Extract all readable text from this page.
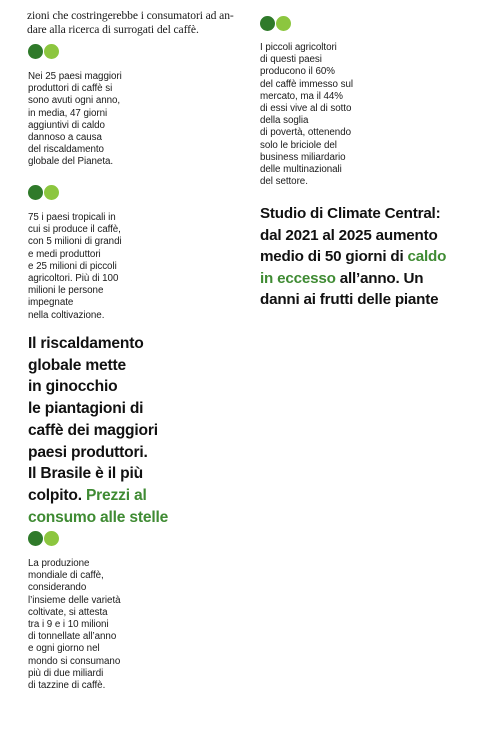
zioni che costringerebbe i consumatori ad an-
dare alla ricerca di surrogati del caffè.
Nei 25 paesi maggiori
produttori di caffè si
sono avuti ogni anno,
in media, 47 giorni
aggiuntivi di caldo
dannoso a causa
del riscaldamento
globale del Pianeta.
75 i paesi tropicali in
cui si produce il caffè,
con 5 milioni di grandi
e medi produttori
e 25 milioni di piccoli
agricoltori. Più di 100
milioni le persone
impegnate
nella coltivazione.
Il riscaldamento
globale mette
in ginocchio
le piantagioni di
caffè dei maggiori
paesi produttori.
Il Brasile è il più
colpito. Prezzi al
consumo alle stelle
La produzione
mondiale di caffè,
considerando
l’insieme delle varietà
coltivate, si attesta
tra i 9 e i 10 milioni
di tonnellate all’anno
e ogni giorno nel
mondo si consumano
più di due miliardi
di tazzine di caffè.
I piccoli agricoltori
di questi paesi
producono il 60%
del caffè immesso sul
mercato, ma il 44%
di essi vive al di sotto
della soglia
di povertà, ottenendo
solo le briciole del
business miliardario
delle multinazionali
del settore.
Studio di Climate Central:
dal 2021 al 2025 aumento
medio di 50 giorni di caldo
in eccesso all’anno. Un
danni ai frutti delle piante
